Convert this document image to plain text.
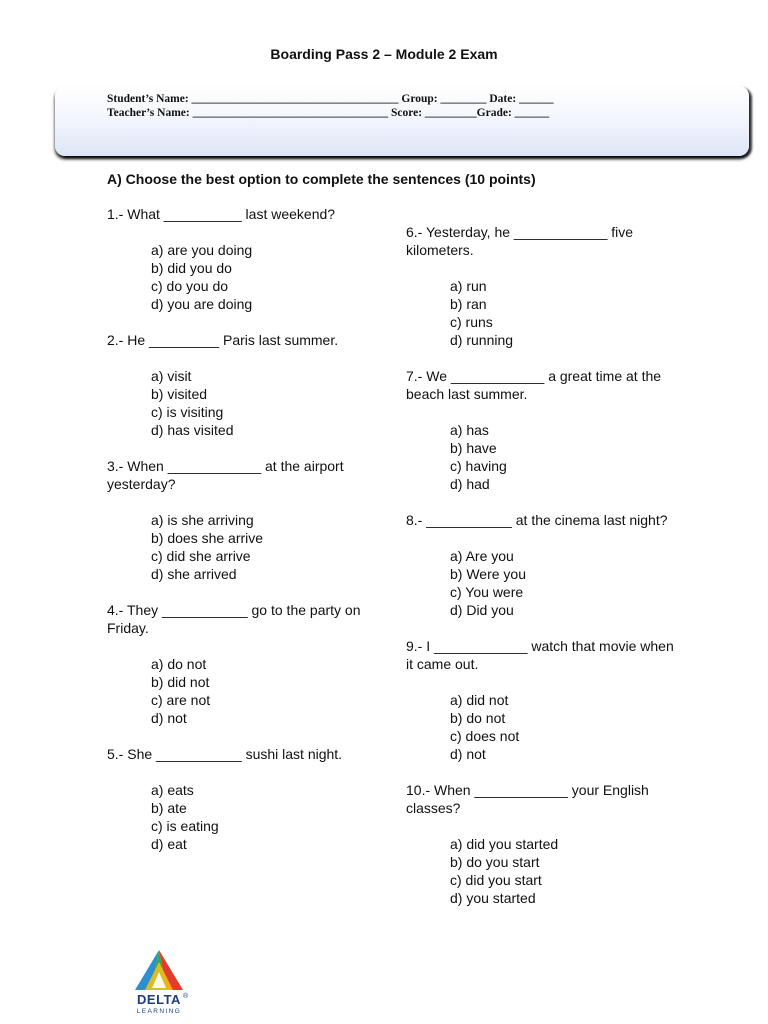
Boarding Pass 2 – Module 2 Exam
Student’s Name: ____________________________________ Group: ________ Date: ______
Teacher’s Name: __________________________________ Score: _________Grade: ______
A) Choose the best option to complete the sentences (10 points)

1.- What __________ last weekend?

a) are you doing
b) did you do
c) do you do
d) you are doing

2.- He _________ Paris last summer.

a) visit
b) visited
c) is visiting
d) has visited

3.- When ____________ at the airport yesterday?

a) is she arriving
b) does she arrive
c) did she arrive
d) she arrived

4.- They ___________ go to the party on Friday.

a) do not
b) did not
c) are not
d) not

5.- She ___________ sushi last night.

a) eats
b) ate
c) is eating
d) eat

6.- Yesterday, he ____________ five kilometers.

a) run
b) ran
c) runs
d) running

7.- We ____________ a great time at the beach last summer.

a) has
b) have
c) having
d) had

8.- ___________ at the cinema last night?

a) Are you
b) Were you
c) You were
d) Did you

9.- I ____________ watch that movie when it came out.

a) did not
b) do not
c) does not
d) not

10.- When ____________ your English classes?

a) did you started
b) do you start
c) did you start
d) you started
DELTA ®
LEARNING
